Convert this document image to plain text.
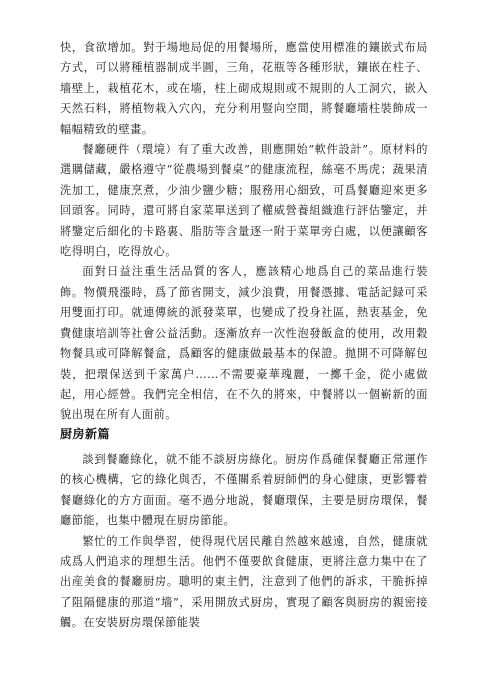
快，食欲增加。對于場地局促的用餐場所，應當使用標准的鑲嵌式布局方式，可以將種植器制成半圓，三角，花瓶等各種形狀，鑲嵌在柱子、墻壁上，栽植花木，或在墻，柱上砌成規則或不規則的人工洞穴，嵌入天然石料，將植物栽入穴內，充分利用豎向空間，將餐廳墻柱裝飾成一幅幅精致的壁畫。

餐廳硬件（環境）有了重大改善，則應開始“軟件設計”。原材料的選購儲藏，嚴格遵守“從農場到餐桌”的健康流程，絲毫不馬虎；蔬果清洗加工，健康烹煮，少油少鹽少糖；服務用心細致，可爲餐廳迎來更多回頭客。同時，還可將自家菜單送到了權威營養組織進行評估鑒定，并將鑒定后細化的卡路裏、脂肪等含量逐一附于菜單旁白處，以便讓顧客吃得明白，吃得放心。

面對日益注重生活品質的客人，應該精心地爲自己的菜品進行裝飾。物價飛漲時，爲了節省開支，減少浪費，用餐憑據、電話記録可采用雙面打印。就連傳統的派發菜單，也變成了投身社區，熱衷基金，免費健康培訓等社會公益活動。逐漸放弃一次性泡發飯盒的使用，改用穀物餐具或可降解餐盒，爲顧客的健康做最基本的保證。拋開不可降解包裝，把環保送到千家萬户……不需要豪華瑰麗，一擲千金，從小處做起，用心經營。我們完全相信，在不久的將來，中餐將以一個嶄新的面貌出現在所有人面前。

厨房新篇

談到餐廳綠化，就不能不談厨房綠化。厨房作爲確保餐廳正常運作的核心機構，它的綠化與否，不僅關系着厨師們的身心健康，更影響着餐廳綠化的方方面面。毫不過分地説，餐廳環保，主要是厨房環保，餐廳節能，也集中體現在厨房節能。

繁忙的工作與學習，使得現代居民離自然越來越遠，自然，健康就成爲人們追求的理想生活。他們不僅要飲食健康，更將注意力集中在了出産美食的餐廳厨房。聰明的東主們，注意到了他們的訴求，干脆拆掉了阻隔健康的那道“墻”，采用開放式厨房，實現了顧客與厨房的親密接觸。在安裝厨房環保節能裝
